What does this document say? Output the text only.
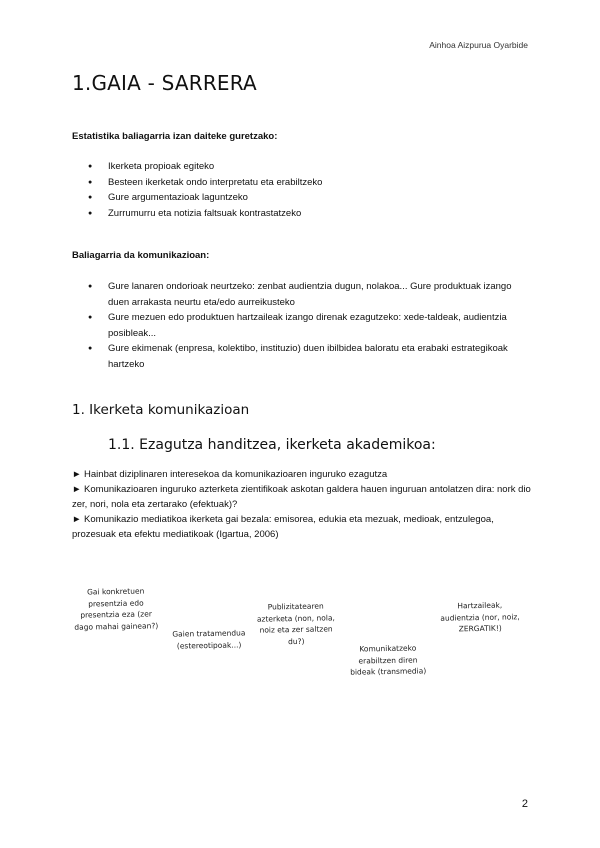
Ainhoa Aizpurua Oyarbide
1.GAIA - SARRERA
Estatistika baliagarria izan daiteke guretzako:
● Ikerketa propioak egiteko
● Besteen ikerketak ondo interpretatu eta erabiltzeko
● Gure argumentazioak laguntzeko
● Zurrumurru eta notizia faltsuak kontrastatzeko
Baliagarria da komunikazioan:
● Gure lanaren ondorioak neurtzeko: zenbat audientzia dugun, nolakoa... Gure produktuak izango duen arrakasta neurtu eta/edo aurreikusteko
● Gure mezuen edo produktuen hartzaileak izango direnak ezagutzeko: xede-taldeak, audientzia posibleak...
● Gure ekimenak (enpresa, kolektibo, instituzio) duen ibilbidea baloratu eta erabaki estrategikoak hartzeko
1. Ikerketa komunikazioan
1.1. Ezagutza handitzea, ikerketa akademikoa:

► Hainbat diziplinaren interesekoa da komunikazioaren inguruko ezagutza

► Komunikazioaren inguruko azterketa zientifikoak askotan galdera hauen inguruan antolatzen dira: nork dio zer, nori, nola eta zertarako (efektuak)?

► Komunikazio mediatikoa ikerketa gai bezala: emisorea, edukia eta mezuak, medioak, entzulegoa, prozesuak eta efektu mediatikoak (Igartua, 2006)

Gai konkretuen presentzia edo presentzia eza (zer dago mahai gainean?)
Gaien tratamendua (estereotipoak...)
Publizitatearen azterketa (non, nola, noiz eta zer saltzen du?)
Komunikatzeko erabiltzen diren bideak (transmedia)
Hartzaileak, audientzia (nor, noiz, ZERGATIK!)
2
